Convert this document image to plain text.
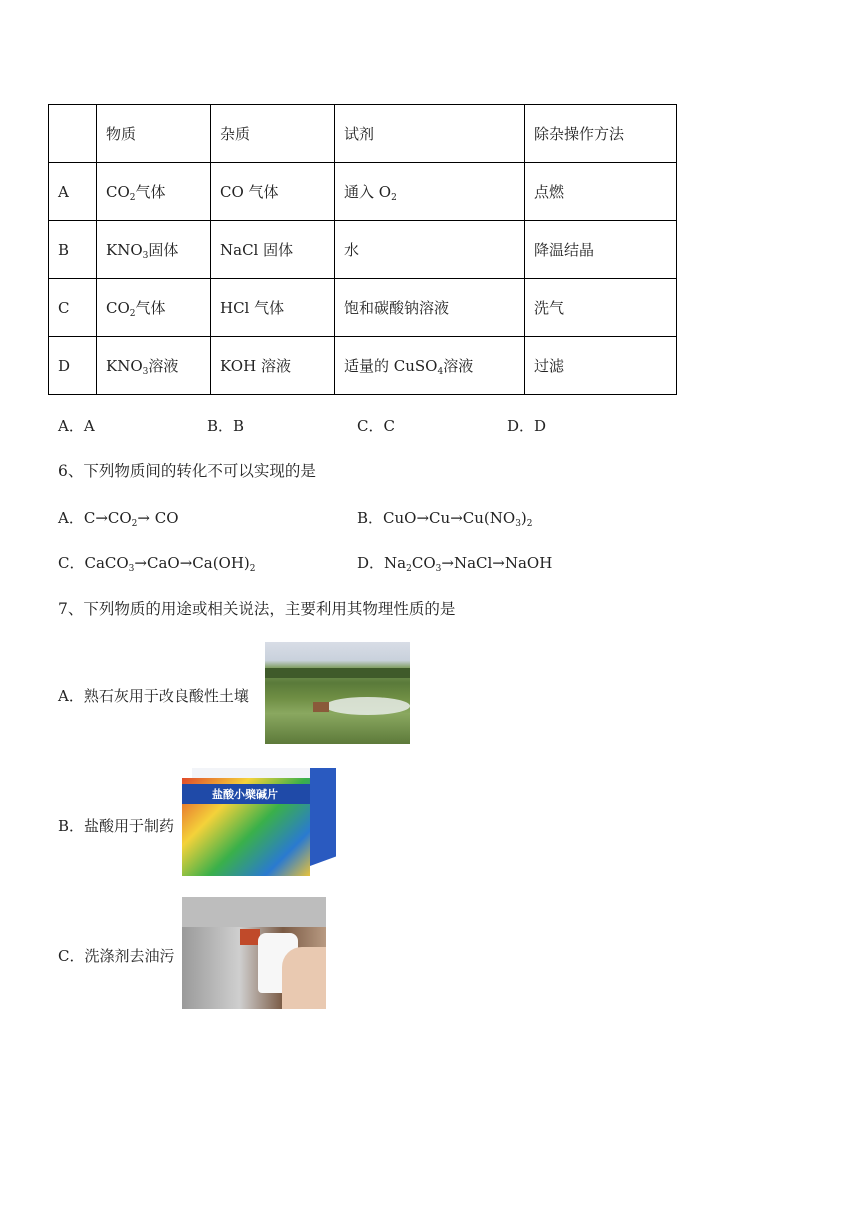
	物质	杂质	试剂	除杂操作方法
A	$CO_2$气体	CO 气体	通入 $O_2$	点燃
B	$KNO_3$固体	NaCl 固体	水	降温结晶
C	$CO_2$气体	HCl 气体	饱和碳酸钠溶液	洗气
D	$KNO_3$溶液	KOH 溶液	适量的 CuSO$_4$溶液	过滤
A．A	B．B	C．C	D．D
6、下列物质间的转化不可以实现的是
A．$C\to CO_2\to$ CO	B．$CuO\to Cu\to Cu(NO_3)_2$
C．$CaCO_3\to CaO\to Ca(OH)_2$	D．$Na_2CO_3\to NaCl\to NaOH$
7、下列物质的用途或相关说法，主要利用其物理性质的是
A．熟石灰用于改良酸性土壤
B．盐酸用于制药
盐酸小檗碱片
C．洗涤剂去油污
